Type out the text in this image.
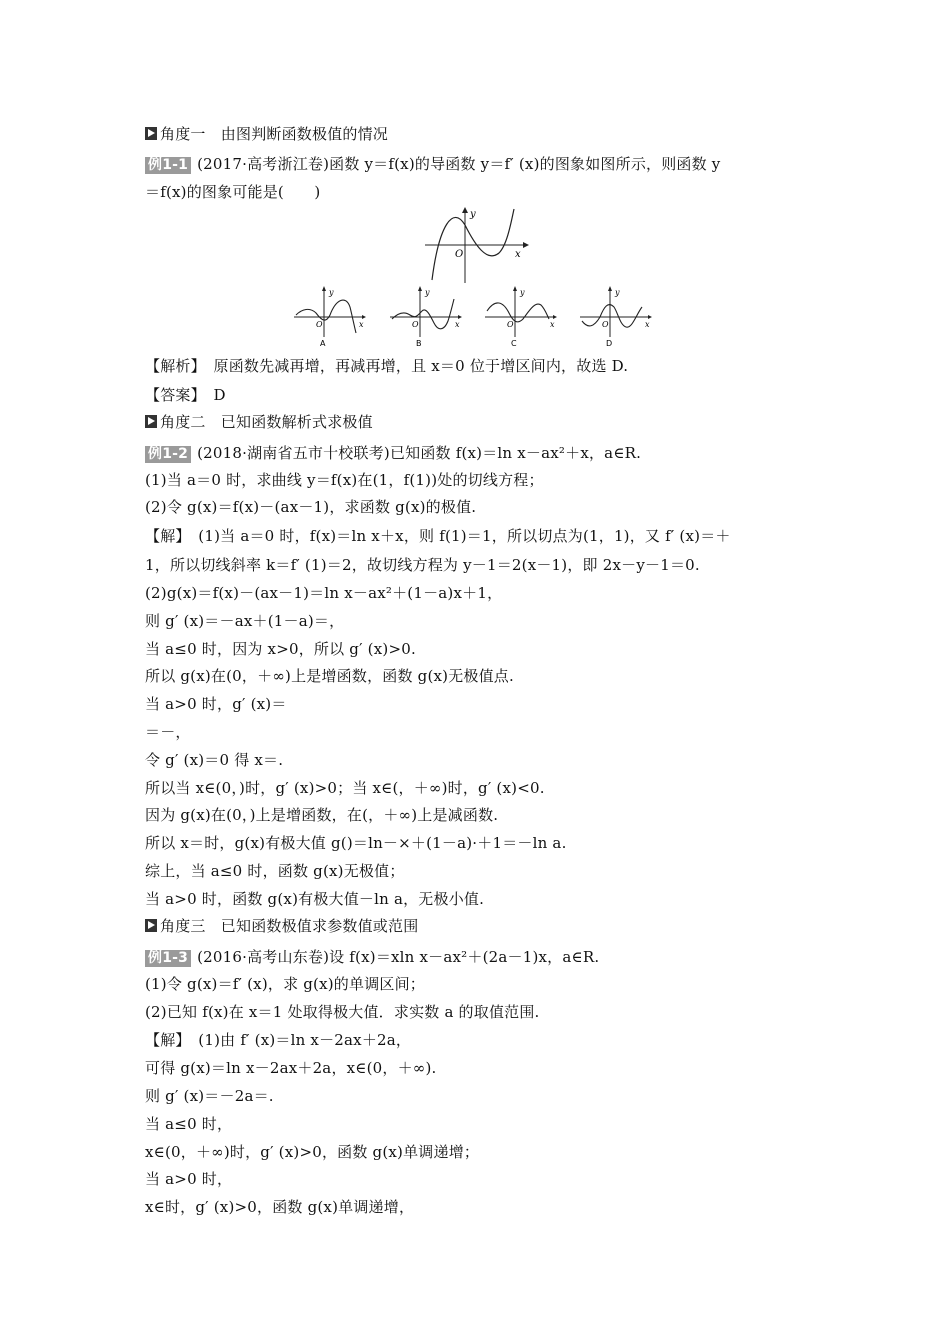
角度一　由图判断函数极值的情况
例1-1 (2017·高考浙江卷)函数 y＝f(x)的导函数 y＝f′ (x)的图象如图所示，则函数 y
＝f(x)的图象可能是(　　)
y
x
O
y
x
O
A
y
x
O
B
y
x
O
C
y
x
O
D
【解析】　原函数先减再增，再减再增，且 x＝0 位于增区间内，故选 D.
【答案】　D
角度二　已知函数解析式求极值
例1-2 (2018·湖南省五市十校联考)已知函数 f(x)＝ln x－ax²＋x，a∈R.
(1)当 a＝0 时，求曲线 y＝f(x)在(1，f(1))处的切线方程；
(2)令 g(x)＝f(x)－(ax－1)，求函数 g(x)的极值.
【解】　(1)当 a＝0 时，f(x)＝ln x＋x，则 f(1)＝1，所以切点为(1，1)，又 f′ (x)＝＋
1，所以切线斜率 k＝f′ (1)＝2，故切线方程为 y－1＝2(x－1)，即 2x－y－1＝0.
(2)g(x)＝f(x)－(ax－1)＝ln x－ax²＋(1－a)x＋1，
则 g′ (x)＝－ax＋(1－a)＝，
当 a≤0 时，因为 x>0，所以 g′ (x)>0.
所以 g(x)在(0，＋∞)上是增函数，函数 g(x)无极值点.
当 a>0 时，g′ (x)＝
＝－，
令 g′ (x)＝0 得 x＝.
所以当 x∈(0，)时，g′ (x)>0；当 x∈(，＋∞)时，g′ (x)<0.
因为 g(x)在(0，)上是增函数，在(，＋∞)上是减函数.
所以 x＝时，g(x)有极大值 g()＝ln－×＋(1－a)·＋1＝－ln a.
综上，当 a≤0 时，函数 g(x)无极值；
当 a>0 时，函数 g(x)有极大值－ln a，无极小值.
角度三　已知函数极值求参数值或范围
例1-3 (2016·高考山东卷)设 f(x)＝xln x－ax²＋(2a－1)x，a∈R.
(1)令 g(x)＝f′ (x)，求 g(x)的单调区间；
(2)已知 f(x)在 x＝1 处取得极大值．求实数 a 的取值范围.
【解】　(1)由 f′ (x)＝ln x－2ax＋2a，
可得 g(x)＝ln x－2ax＋2a，x∈(0，＋∞).
则 g′ (x)＝－2a＝.
当 a≤0 时，
x∈(0，＋∞)时，g′ (x)>0，函数 g(x)单调递增；
当 a>0 时，
x∈时，g′ (x)>0，函数 g(x)单调递增，
